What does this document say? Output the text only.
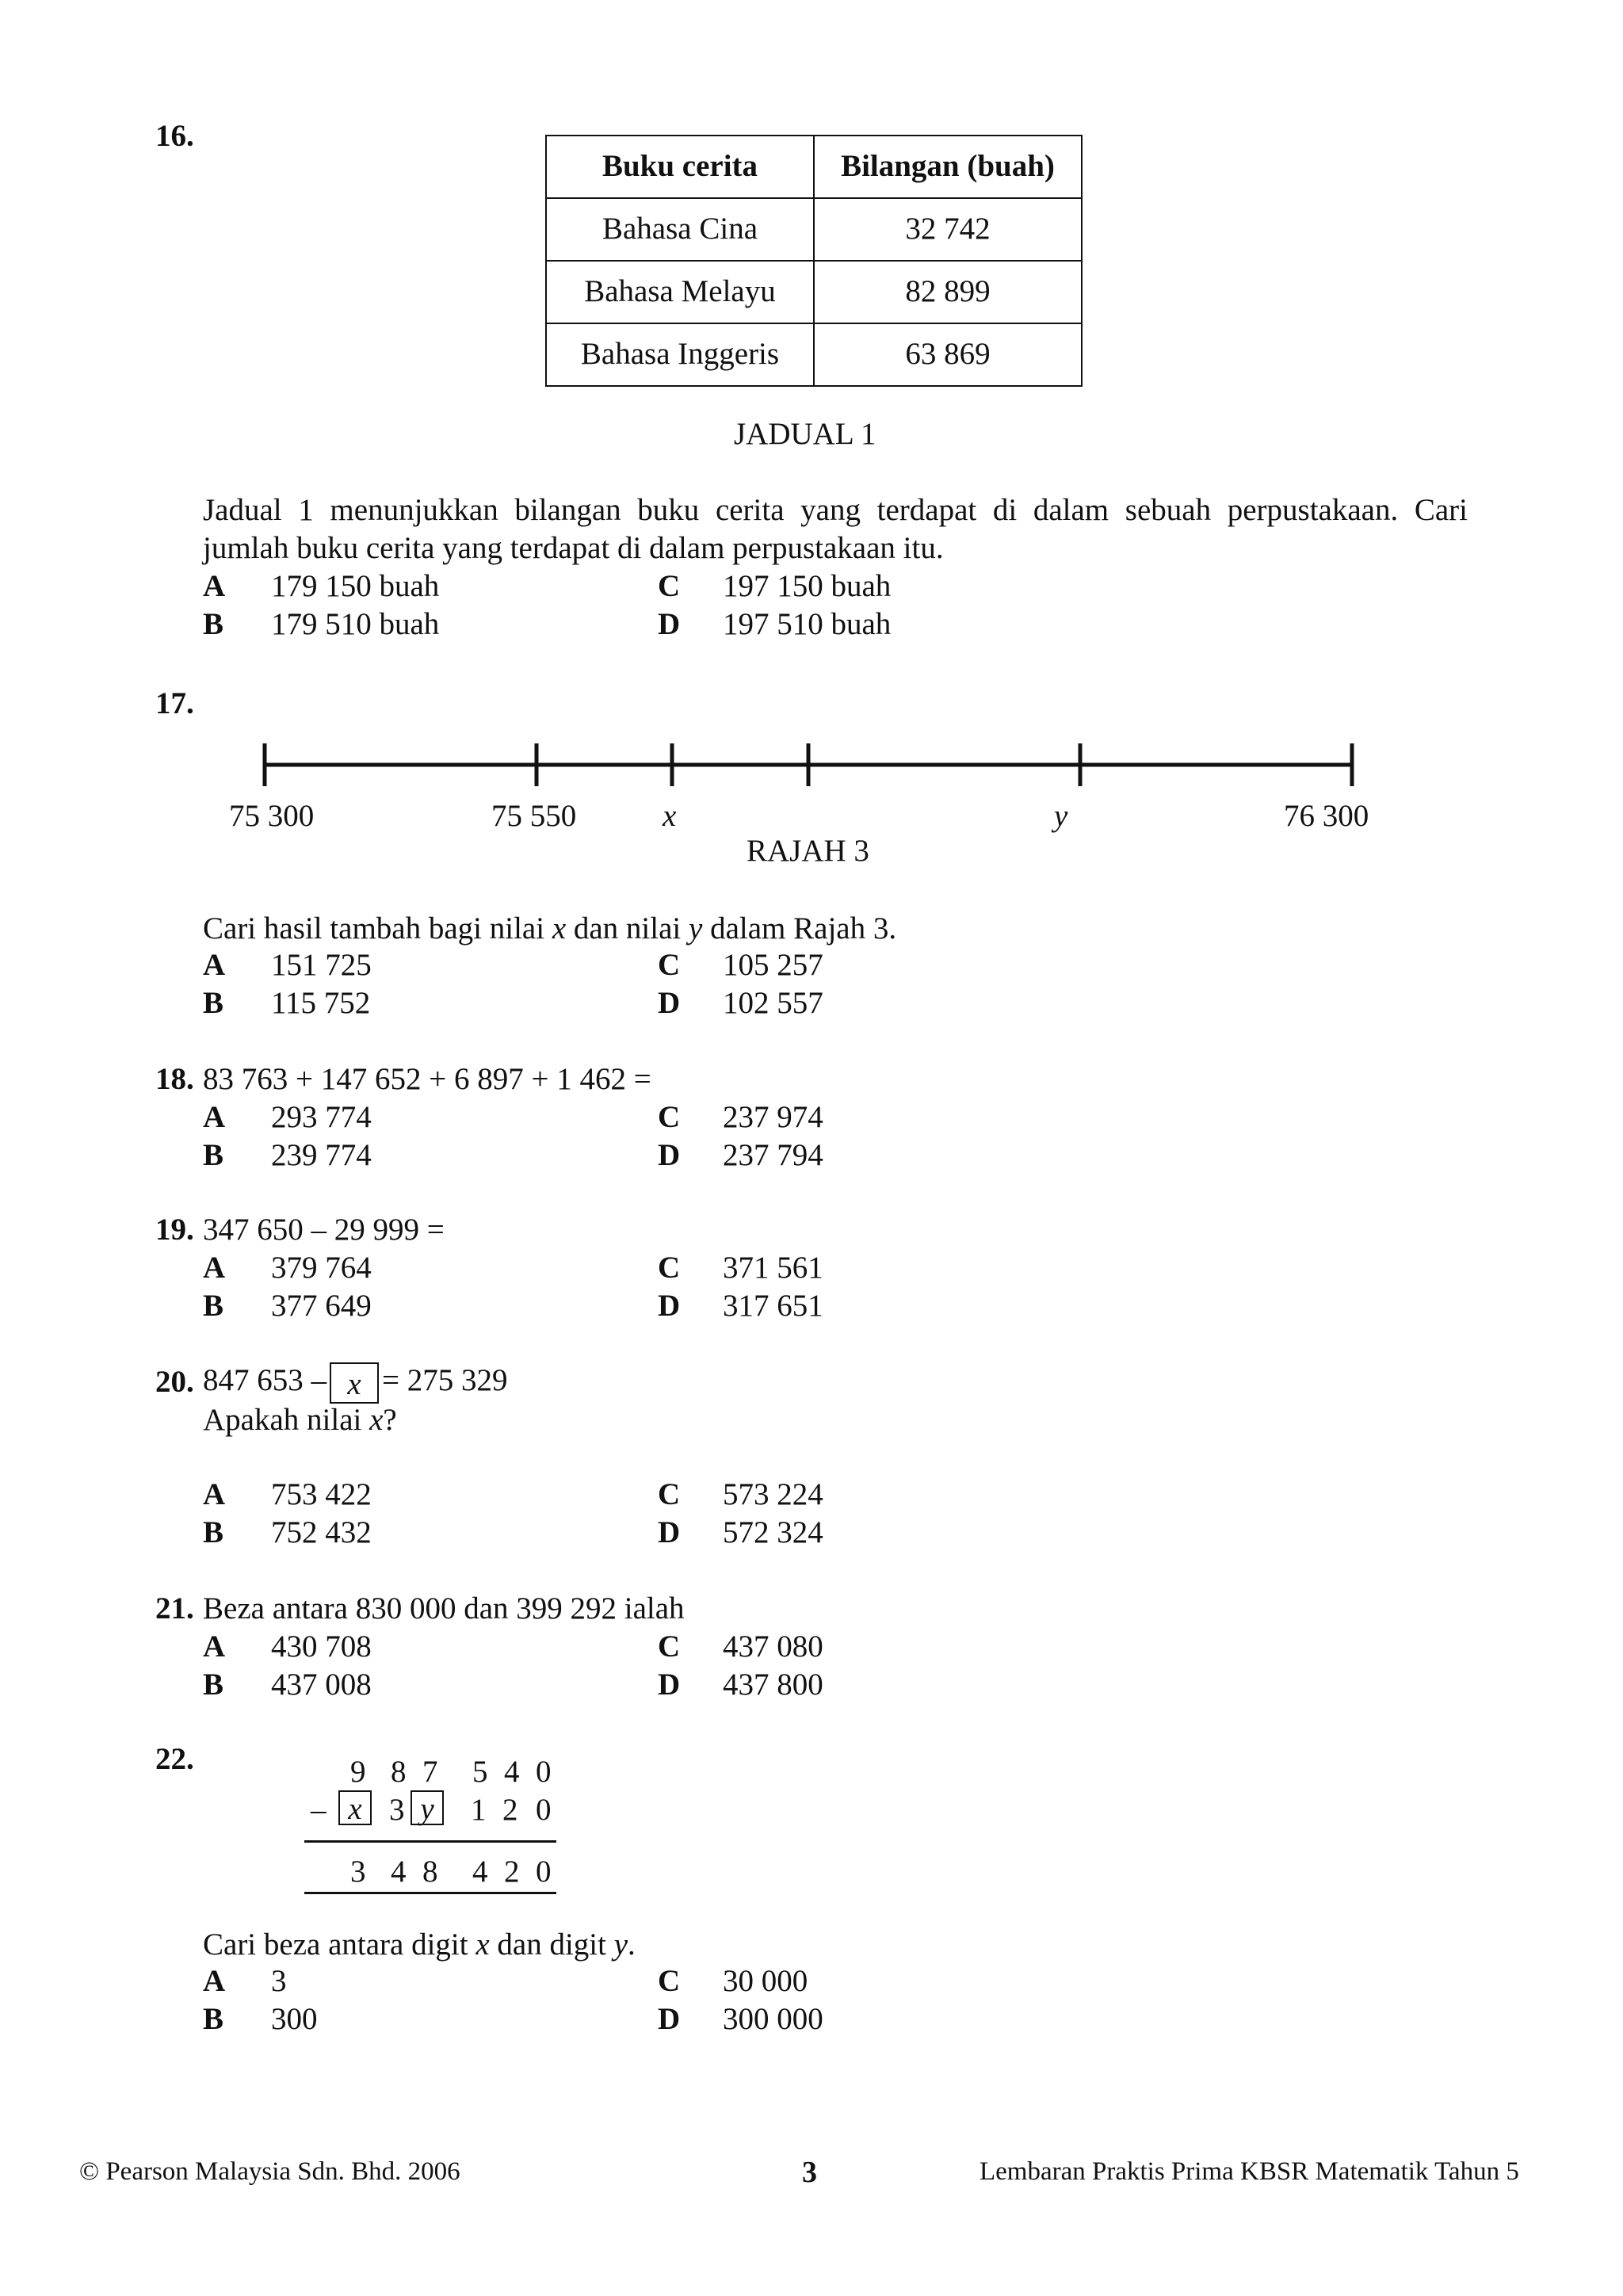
16.
Buku cerita	Bilangan (buah)
Bahasa Cina	32 742
Bahasa Melayu	82 899
Bahasa Inggeris	63 869
JADUAL 1
Jadual 1 menunjukkan bilangan buku cerita yang terdapat di dalam sebuah perpustakaan. Cari
jumlah buku cerita yang terdapat di dalam perpustakaan itu.
A 179 150 buah	C 197 150 buah
B 179 510 buah	D 197 510 buah
17.
75 300	75 550	x	y	76 300
RAJAH 3
Cari hasil tambah bagi nilai x dan nilai y dalam Rajah 3.
A 151 725	C 105 257
B 115 752	D 102 557
18. 83 763 + 147 652 + 6 897 + 1 462 =
A 293 774	C 237 974
B 239 774	D 237 794
19. 347 650 – 29 999 =
A 379 764	C 371 561
B 377 649	D 317 651
20. 847 653 – x = 275 329
Apakah nilai x?
A 753 422	C 573 224
B 752 432	D 572 324
21. Beza antara 830 000 dan 399 292 ialah
A 430 708	C 437 080
B 437 008	D 437 800
22.	9 8 7 5 4 0
– x 3 y	1 2 0
3 4 8 4 2 0
Cari beza antara digit x dan digit y.
A 3	C 30 000
B 300	D 300 000
© Pearson Malaysia Sdn. Bhd. 2006	3	Lembaran Praktis Prima KBSR Matematik Tahun 5
